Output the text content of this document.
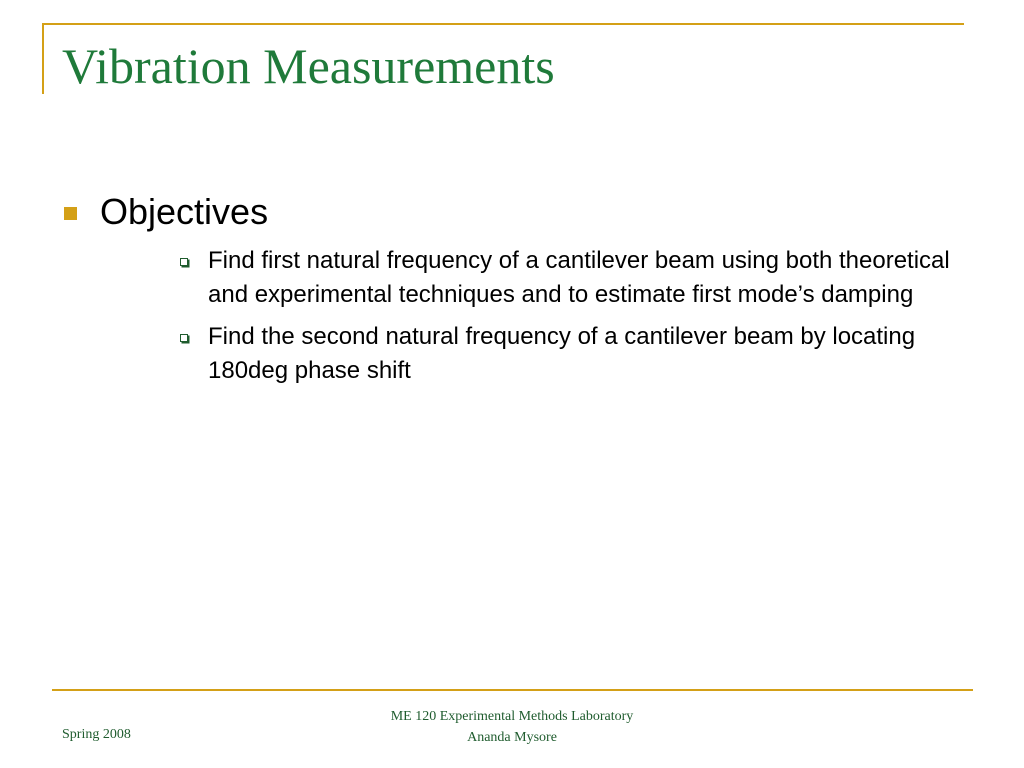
Vibration Measurements
Objectives
Find first natural frequency of a cantilever beam using both theoretical and experimental techniques and to estimate first mode’s damping
Find the second natural frequency of a cantilever beam by locating 180deg phase shift
Spring 2008
ME 120 Experimental Methods Laboratory
Ananda Mysore
